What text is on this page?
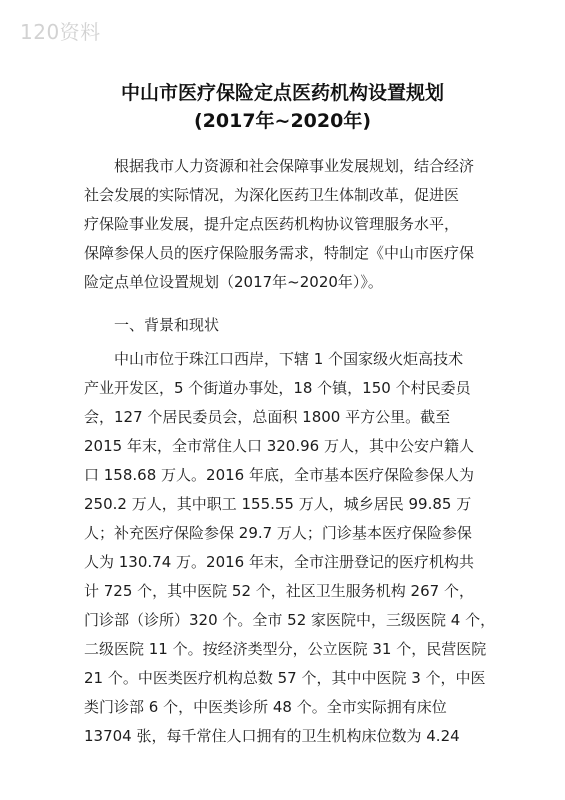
120资料
中山市医疗保险定点医药机构设置规划
(2017年~2020年)
根据我市人力资源和社会保障事业发展规划，结合经济
社会发展的实际情况，为深化医药卫生体制改革，促进医
疗保险事业发展，提升定点医药机构协议管理服务水平，
保障参保人员的医疗保险服务需求，特制定《中山市医疗保
险定点单位设置规划（2017年~2020年）》。
一、背景和现状
中山市位于珠江口西岸，下辖 1 个国家级火炬高技术
产业开发区，5 个街道办事处，18 个镇，150 个村民委员
会，127 个居民委员会，总面积 1800 平方公里。截至
2015 年末，全市常住人口 320.96 万人，其中公安户籍人
口 158.68 万人。2016 年底，全市基本医疗保险参保人为
250.2 万人，其中职工 155.55 万人，城乡居民 99.85 万
人；补充医疗保险参保 29.7 万人；门诊基本医疗保险参保
人为 130.74 万。2016 年末，全市注册登记的医疗机构共
计 725 个，其中医院 52 个，社区卫生服务机构 267 个，
门诊部（诊所）320 个。全市 52 家医院中，三级医院 4 个，
二级医院 11 个。按经济类型分，公立医院 31 个，民营医院
21 个。中医类医疗机构总数 57 个，其中中医院 3 个，中医
类门诊部 6 个，中医类诊所 48 个。全市实际拥有床位
13704 张，每千常住人口拥有的卫生机构床位数为 4.24
